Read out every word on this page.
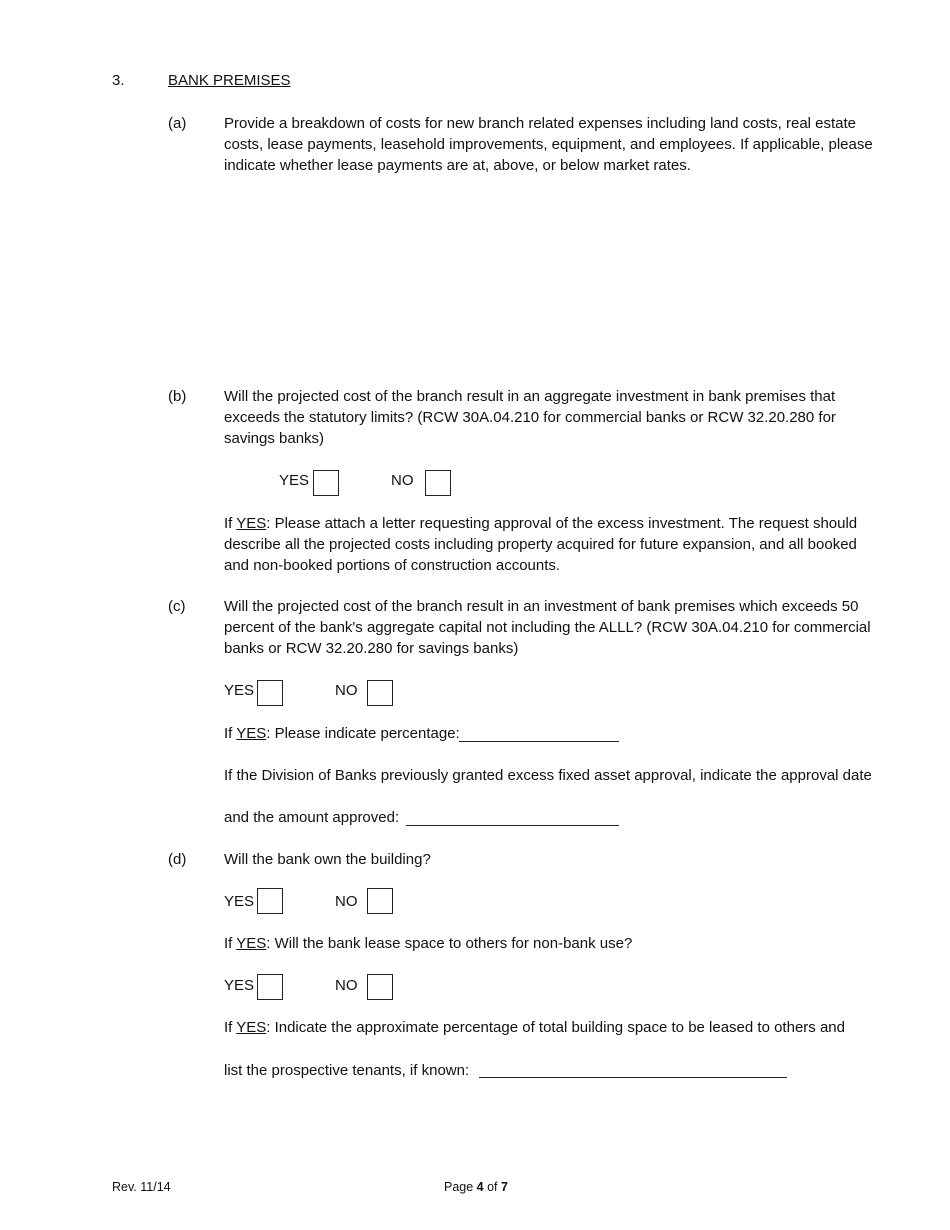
3.	BANK PREMISES
(a)	Provide a breakdown of costs for new branch related expenses including land costs, real estate costs, lease payments, leasehold improvements, equipment, and employees. If applicable, please indicate whether lease payments are at, above, or below market rates.
(b)	Will the projected cost of the branch result in an aggregate investment in bank premises that exceeds the statutory limits? (RCW 30A.04.210 for commercial banks or RCW 32.20.280 for savings banks)
YES	NO
If YES: Please attach a letter requesting approval of the excess investment. The request should describe all the projected costs including property acquired for future expansion, and all booked and non-booked portions of construction accounts.
(c)	Will the projected cost of the branch result in an investment of bank premises which exceeds 50 percent of the bank's aggregate capital not including the ALLL? (RCW 30A.04.210 for commercial banks or RCW 32.20.280 for savings banks)
YES	NO
If YES: Please indicate percentage:
If the Division of Banks previously granted excess fixed asset approval, indicate the approval date
and the amount approved:
(d)	Will the bank own the building?
YES	NO
If YES: Will the bank lease space to others for non-bank use?
YES	NO
If YES: Indicate the approximate percentage of total building space to be leased to others and
list the prospective tenants, if known:
Rev. 11/14	Page 4 of 7
